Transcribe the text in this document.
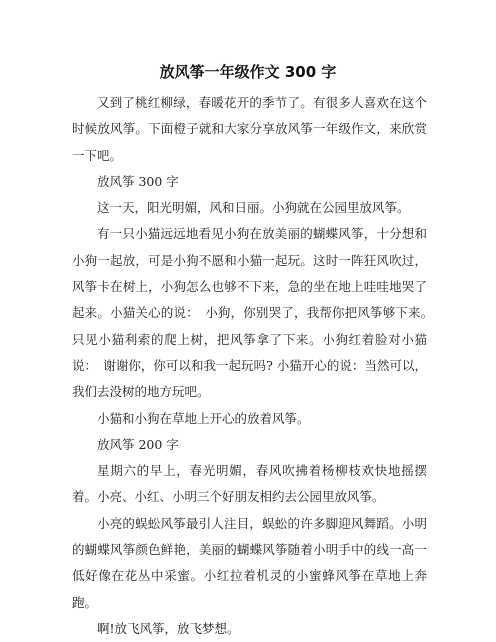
放风筝一年级作文 300 字

又到了桃红柳绿，春暖花开的季节了。有很多人喜欢在这个时候放风筝。下面橙子就和大家分享放风筝一年级作文，来欣赏一下吧。

放风筝 300 字

这一天，阳光明媚，风和日丽。小狗就在公园里放风筝。

有一只小猫远远地看见小狗在放美丽的蝴蝶风筝，十分想和小狗一起放，可是小狗不愿和小猫一起玩。这时一阵狂风吹过，风筝卡在树上，小狗怎么也够不下来，急的坐在地上哇哇地哭了起来。小猫关心的说：　小狗，你别哭了，我帮你把风筝够下来。　只见小猫利索的爬上树，把风筝拿了下来。小狗红着脸对小猫说：　谢谢你，你可以和我一起玩吗? 小猫开心的说：当然可以，我们去没树的地方玩吧。

小猫和小狗在草地上开心的放着风筝。

放风筝 200 字

星期六的早上，春光明媚，春风吹拂着杨柳枝欢快地摇摆着。小亮、小红、小明三个好朋友相约去公园里放风筝。

小亮的蜈蚣风筝最引人注目，蜈蚣的许多脚迎风舞蹈。小明的蝴蝶风筝颜色鲜艳，美丽的蝴蝶风筝随着小明手中的线一高一低好像在花丛中采蜜。小红拉着机灵的小蜜蜂风筝在草地上奔跑。

啊!放飞风筝，放飞梦想。
